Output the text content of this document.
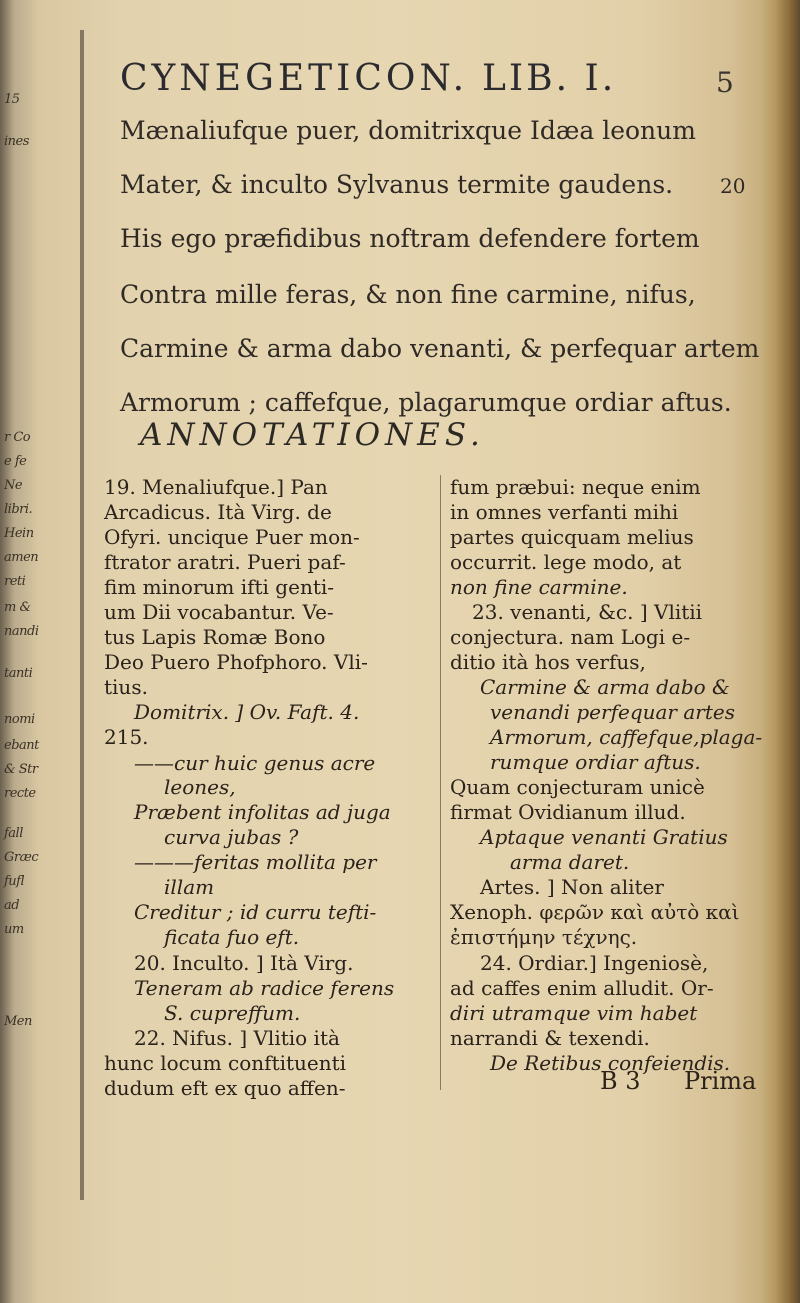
15
ines
r Co
e fe
Ne
libri.
Hein
amen
reti
m &
nandi
tanti
nomi
ebant
& Str
recte
fall
Græc
fufl
ad
um
Men
CYNEGETICON. LIB. I.	5
Mænaliufque puer, domitrixque Idæa leonum
Mater, & inculto Sylvanus termite gaudens. 20
His ego præfidibus noftram defendere fortem
Contra mille feras, & non fine carmine, nifus,
Carmine & arma dabo venanti, & perfequar artem
Armorum ; caffefque, plagarumque ordiar aftus.
ANNOTATIONES.
19. Menaliufque.] Pan
Arcadicus. Ità Virg. de
Ofyri. uncique Puer mon-
ftrator aratri. Pueri paf-
fim minorum ifti genti-
um Dii vocabantur. Ve-
tus Lapis Romæ Bono
Deo Puero Phofphoro. Vli-
tius.
Domitrix. ] Ov. Faft. 4.
215.
——cur huic genus acre
leones,
Præbent infolitas ad juga
curva jubas ?
———feritas mollita per
illam
Creditur ; id curru tefti-
ficata fuo eft.
20. Inculto. ] Ità Virg.
Teneram ab radice ferens
S. cupreffum.
22. Nifus. ] Vlitio ità
hunc locum conftituenti
dudum eft ex quo affen-
fum præbui: neque enim
in omnes verfanti mihi
partes quicquam melius
occurrit. lege modo, at
non fine carmine.
23. venanti, &c. ] Vlitii
conjectura. nam Logi e-
ditio ità hos verfus,
Carmine & arma dabo &
venandi perfequar artes
Armorum, caffefque,plaga-
rumque ordiar aftus.
Quam conjecturam unicè
firmat Ovidianum illud.
Aptaque venanti Gratius
arma daret.
Artes. ] Non aliter
Xenoph. φερῶν καὶ αὐτὸ καὶ
ἐπιστήμην τέχνης.
24. Ordiar.] Ingeniosè,
ad caffes enim alludit. Or-
diri utramque vim habet
narrandi & texendi.
De Retibus confeiendis.
B 3 Prima
